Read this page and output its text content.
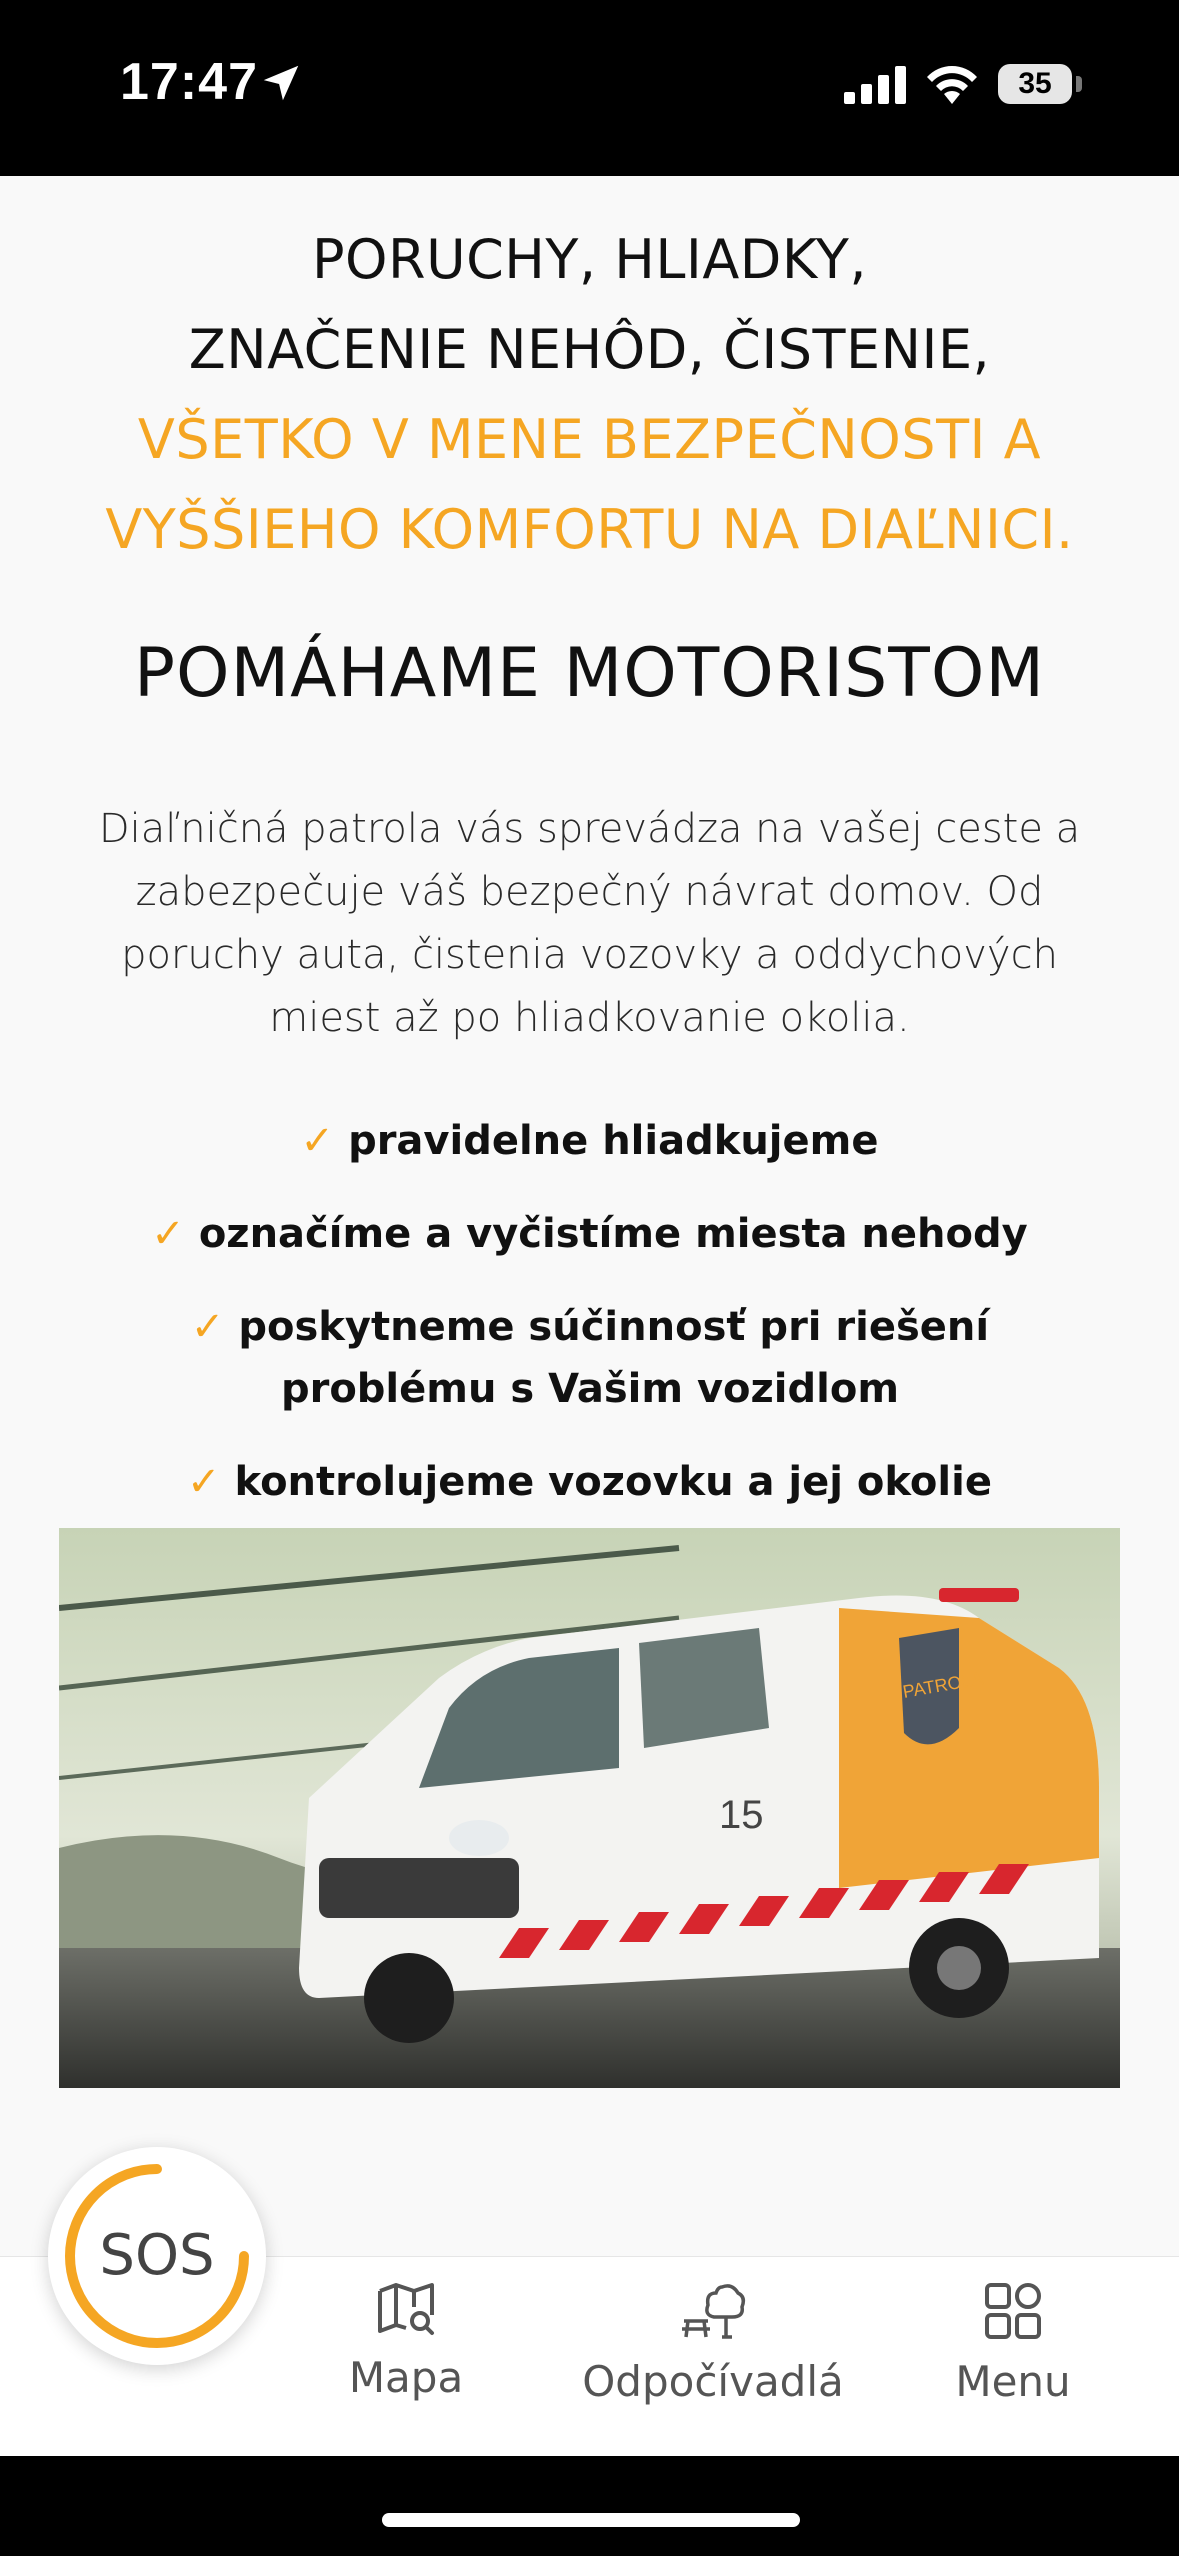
17:47	35
PORUCHY, HLIADKY,
ZNAČENIE NEHÔD, ČISTENIE,
VŠETKO V MENE BEZPEČNOSTI A
VYŠŠIEHO KOMFORTU NA DIAĽNICI.
POMÁHAME MOTORISTOM
Diaľničná patrola vás sprevádza na vašej ceste a zabezpečuje váš bezpečný návrat domov. Od poruchy auta, čistenia vozovky a oddychových miest až po hliadkovanie okolia.
✓ pravidelne hliadkujeme
✓ označíme a vyčistíme miesta nehody
✓ poskytneme súčinnosť pri riešení problému s Vašim vozidlom
✓ kontrolujeme vozovku a jej okolie
15
PATROLA
Mapa	Odpočívadlá	Menu
SOS
